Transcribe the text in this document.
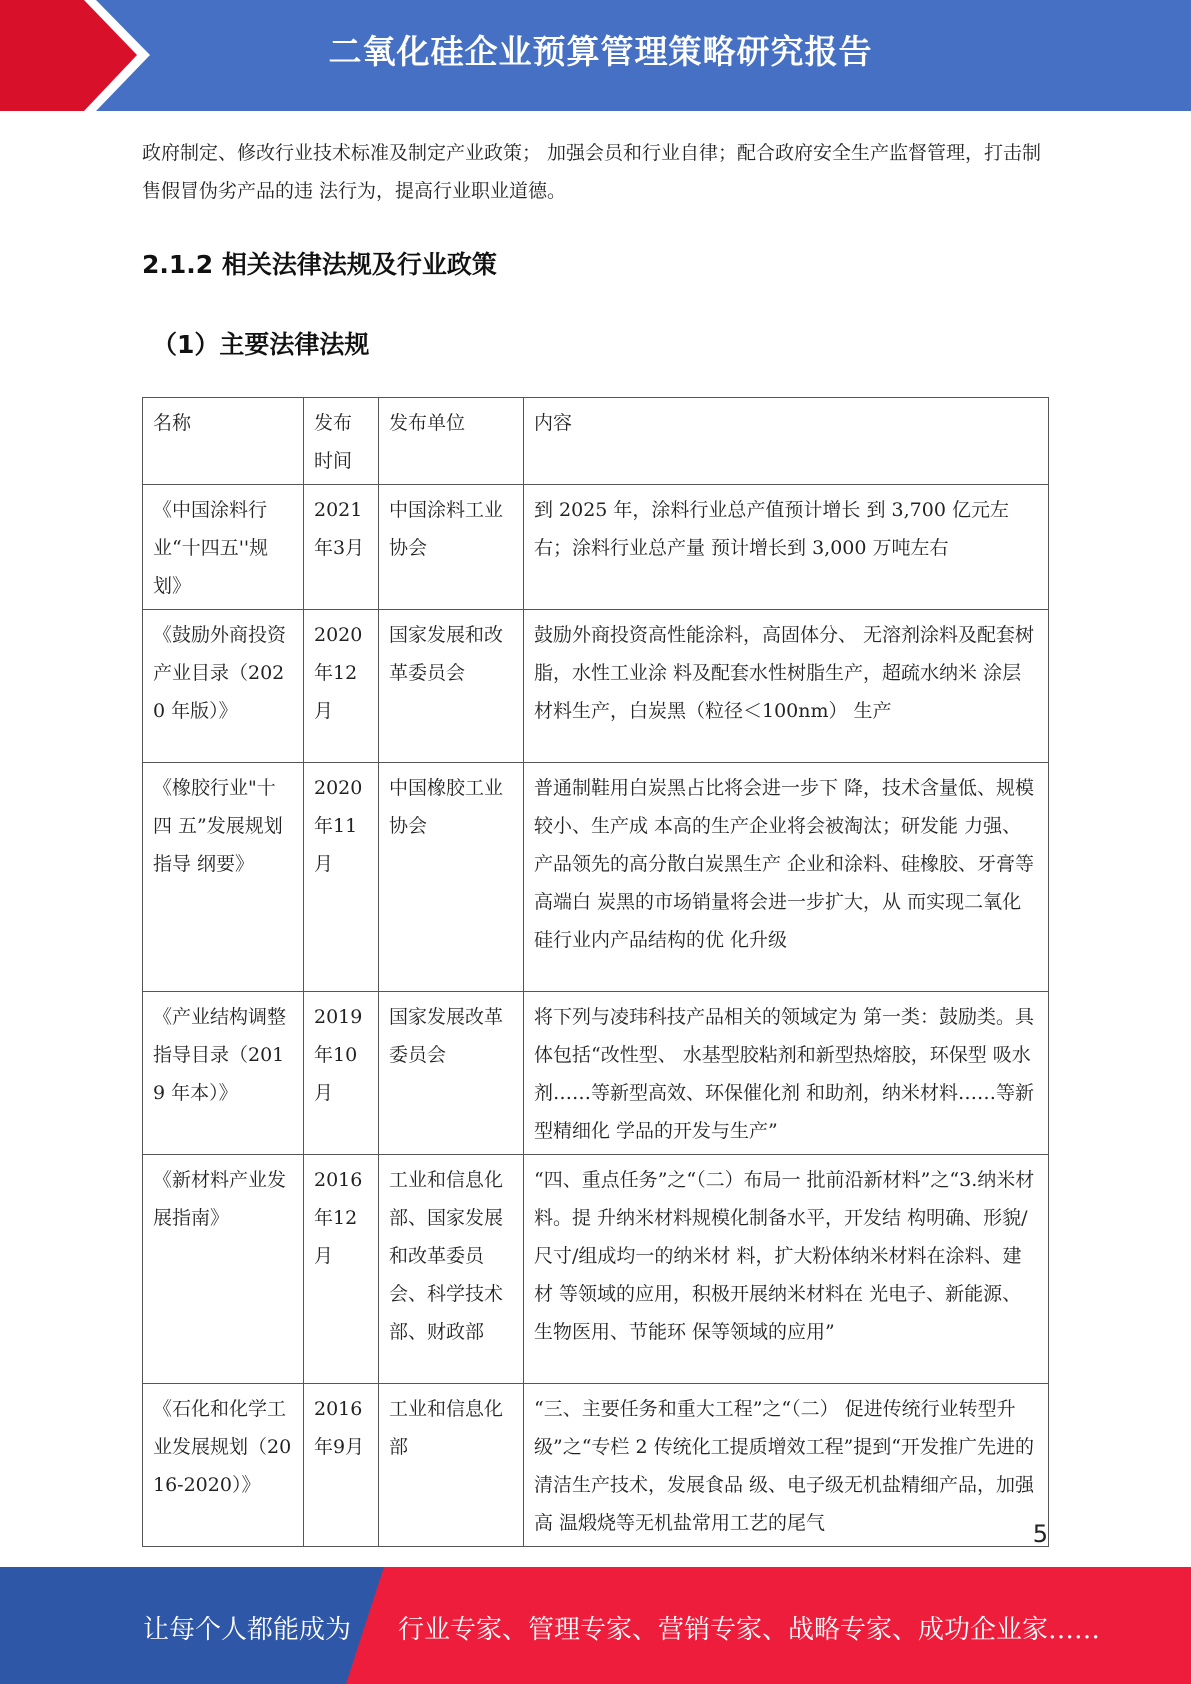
二氧化硅企业预算管理策略研究报告
政府制定、修改行业技术标准及制定产业政策； 加强会员和行业自律；配合政府安全生产监督管理，打击制售假冒伪劣产品的违 法行为，提高行业职业道德。
2.1.2 相关法律法规及行业政策
（1）主要法律法规
名称	发布时间	发布单位	内容
《中国涂料行业“十四五''规划》	2021年3月	中国涂料工业 协会	到 2025 年，涂料行业总产值预计增长 到 3,700 亿元左右；涂料行业总产量 预计增长到 3,000 万吨左右
《鼓励外商投资 产业目录（2020 年版）》	2020年12月	国家发展和改 革委员会	鼓励外商投资高性能涂料，高固体分、 无溶剂涂料及配套树脂，水性工业涂 料及配套水性树脂生产，超疏水纳米 涂层材料生产，白炭黑（粒径＜100nm） 生产
《橡胶行业"十四 五”发展规划指导 纲要》	2020年11月	中国橡胶工业 协会	普通制鞋用白炭黑占比将会进一步下 降，技术含量低、规模较小、生产成 本高的生产企业将会被淘汰；研发能 力强、产品领先的高分散白炭黑生产 企业和涂料、硅橡胶、牙膏等高端白 炭黑的市场销量将会进一步扩大，从 而实现二氧化硅行业内产品结构的优 化升级
《产业结构调整 指导目录（2019 年本）》	2019年10月	国家发展改革 委员会	将下列与凌玮科技产品相关的领域定为 第一类：鼓励类。具体包括“改性型、 水基型胶粘剂和新型热熔胶，环保型 吸水剂……等新型高效、环保催化剂 和助剂，纳米材料……等新型精细化 学品的开发与生产”
《新材料产业发 展指南》	2016年12月	工业和信息化 部、国家发展 和改革委员 会、科学技术 部、财政部	“四、重点任务”之“（二）布局一 批前沿新材料”之“3.纳米材料。提 升纳米材料规模化制备水平，开发结 构明确、形貌/尺寸/组成均一的纳米材 料，扩大粉体纳米材料在涂料、建材 等领域的应用，积极开展纳米材料在 光电子、新能源、生物医用、节能环 保等领域的应用”
《石化和化学工 业发展规划（2016-2020）》	2016年9月	工业和信息化 部	“三、主要任务和重大工程”之“（二） 促进传统行业转型升级”之“专栏 2 传统化工提质增效工程”提到“开发推广先进的清洁生产技术，发展食品 级、电子级无机盐精细产品，加强高 温煅烧等无机盐常用工艺的尾气	5
让每个人都能成为 行业专家、管理专家、营销专家、战略专家、成功企业家……
